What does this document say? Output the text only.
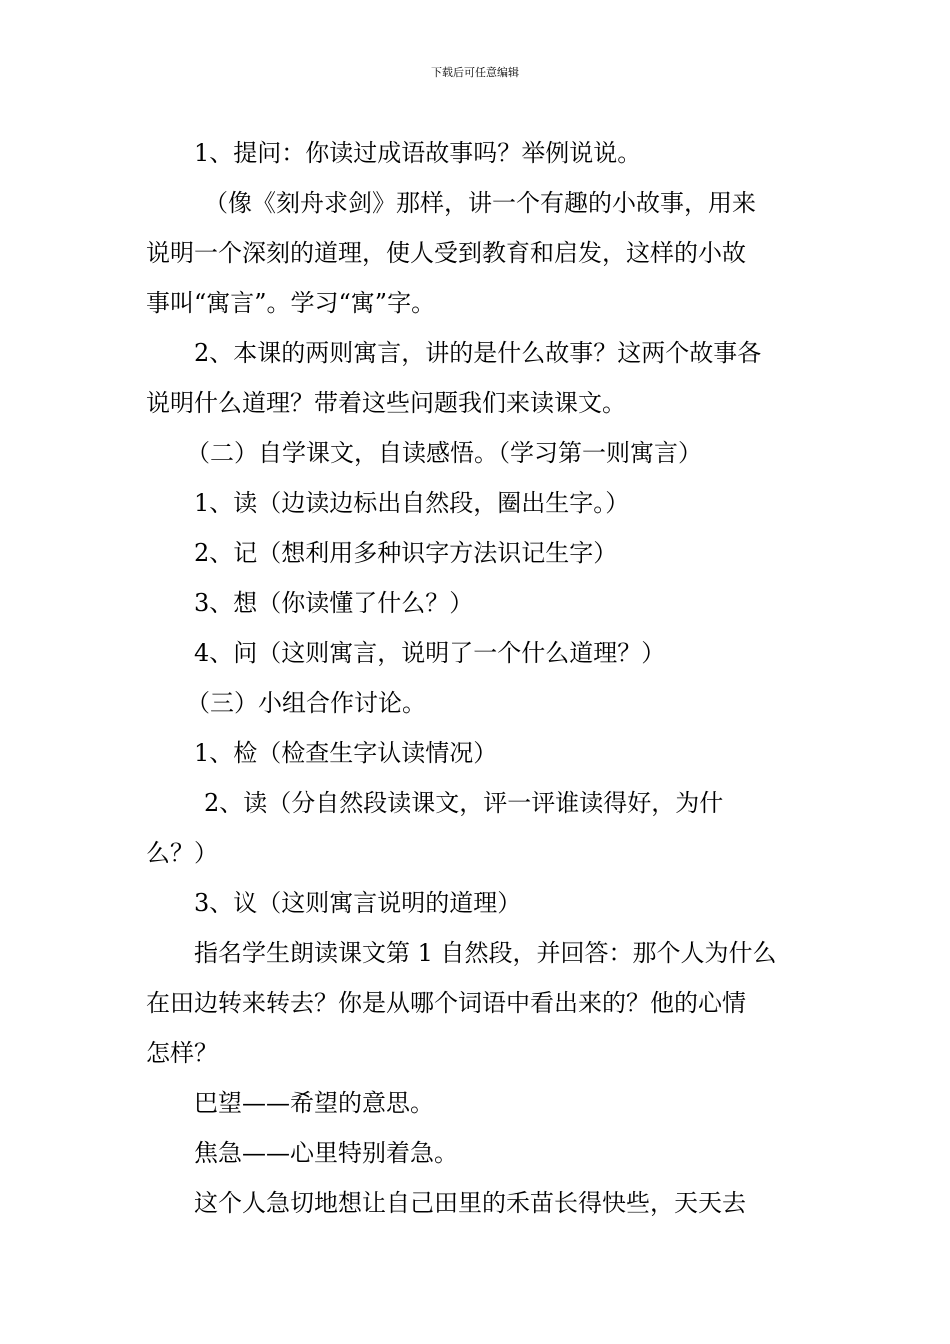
下载后可任意编辑
1、提问：你读过成语故事吗？举例说说。
（像《刻舟求剑》那样，讲一个有趣的小故事，用来
说明一个深刻的道理，使人受到教育和启发，这样的小故
事叫“寓言”。学习“寓”字。
2、本课的两则寓言，讲的是什么故事？这两个故事各
说明什么道理？带着这些问题我们来读课文。
（二）自学课文，自读感悟。（学习第一则寓言）
1、读（边读边标出自然段，圈出生字。）
2、记（想利用多种识字方法识记生字）
3、想（你读懂了什么？）
4、问（这则寓言，说明了一个什么道理？）
（三）小组合作讨论。
1、检（检查生字认读情况）
2、读（分自然段读课文，评一评谁读得好，为什
么？）
3、议（这则寓言说明的道理）
指名学生朗读课文第 1 自然段，并回答：那个人为什么
在田边转来转去？你是从哪个词语中看出来的？他的心情
怎样？
巴望——希望的意思。
焦急——心里特别着急。
这个人急切地想让自己田里的禾苗长得快些，天天去
